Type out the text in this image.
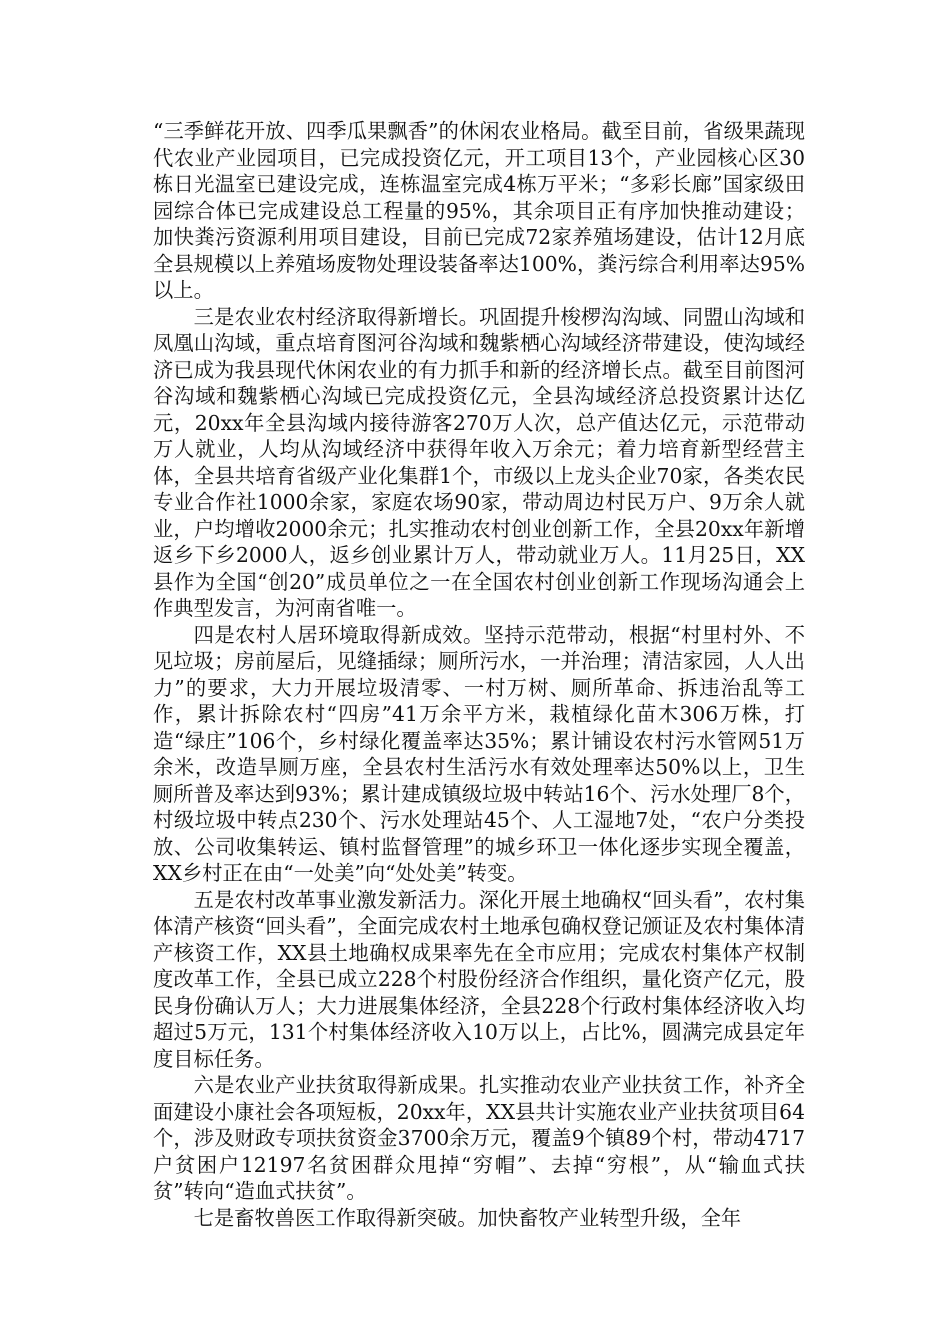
“三季鲜花开放、四季瓜果飘香”的休闲农业格局。截至目前，省级果蔬现代农业产业园项目，已完成投资亿元，开工项目13个，产业园核心区30栋日光温室已建设完成，连栋温室完成4栋万平米；“多彩长廊”国家级田园综合体已完成建设总工程量的95%，其余项目正有序加快推动建设；加快粪污资源利用项目建设，目前已完成72家养殖场建设，估计12月底全县规模以上养殖场废物处理设装备率达100%，粪污综合利用率达95%以上。

三是农业农村经济取得新增长。巩固提升梭椤沟沟域、同盟山沟域和凤凰山沟域，重点培育图河谷沟域和魏紫栖心沟域经济带建设，使沟域经济已成为我县现代休闲农业的有力抓手和新的经济增长点。截至目前图河谷沟域和魏紫栖心沟域已完成投资亿元，全县沟域经济总投资累计达亿元，20xx年全县沟域内接待游客270万人次，总产值达亿元，示范带动万人就业，人均从沟域经济中获得年收入万余元；着力培育新型经营主体，全县共培育省级产业化集群1个，市级以上龙头企业70家，各类农民专业合作社1000余家，家庭农场90家，带动周边村民万户、9万余人就业，户均增收2000余元；扎实推动农村创业创新工作，全县20xx年新增返乡下乡2000人，返乡创业累计万人，带动就业万人。11月25日，XX县作为全国“创20”成员单位之一在全国农村创业创新工作现场沟通会上作典型发言，为河南省唯一。

四是农村人居环境取得新成效。坚持示范带动，根据“村里村外、不见垃圾；房前屋后，见缝插绿；厕所污水，一并治理；清洁家园，人人出力”的要求，大力开展垃圾清零、一村万树、厕所革命、拆违治乱等工作，累计拆除农村“四房”41万余平方米，栽植绿化苗木306万株，打造“绿庄”106个，乡村绿化覆盖率达35%；累计铺设农村污水管网51万余米，改造旱厕万座，全县农村生活污水有效处理率达50%以上，卫生厕所普及率达到93%；累计建成镇级垃圾中转站16个、污水处理厂8个，村级垃圾中转点230个、污水处理站45个、人工湿地7处，“农户分类投放、公司收集转运、镇村监督管理”的城乡环卫一体化逐步实现全覆盖，XX乡村正在由“一处美”向“处处美”转变。

五是农村改革事业激发新活力。深化开展土地确权“回头看”，农村集体清产核资“回头看”，全面完成农村土地承包确权登记颁证及农村集体清产核资工作，XX县土地确权成果率先在全市应用；完成农村集体产权制度改革工作，全县已成立228个村股份经济合作组织，量化资产亿元，股民身份确认万人；大力进展集体经济，全县228个行政村集体经济收入均超过5万元，131个村集体经济收入10万以上，占比%，圆满完成县定年度目标任务。

六是农业产业扶贫取得新成果。扎实推动农业产业扶贫工作，补齐全面建设小康社会各项短板，20xx年，XX县共计实施农业产业扶贫项目64个，涉及财政专项扶贫资金3700余万元，覆盖9个镇89个村，带动4717户贫困户12197名贫困群众甩掉“穷帽”、去掉“穷根”，从“输血式扶贫”转向“造血式扶贫”。

七是畜牧兽医工作取得新突破。加快畜牧产业转型升级，全年
